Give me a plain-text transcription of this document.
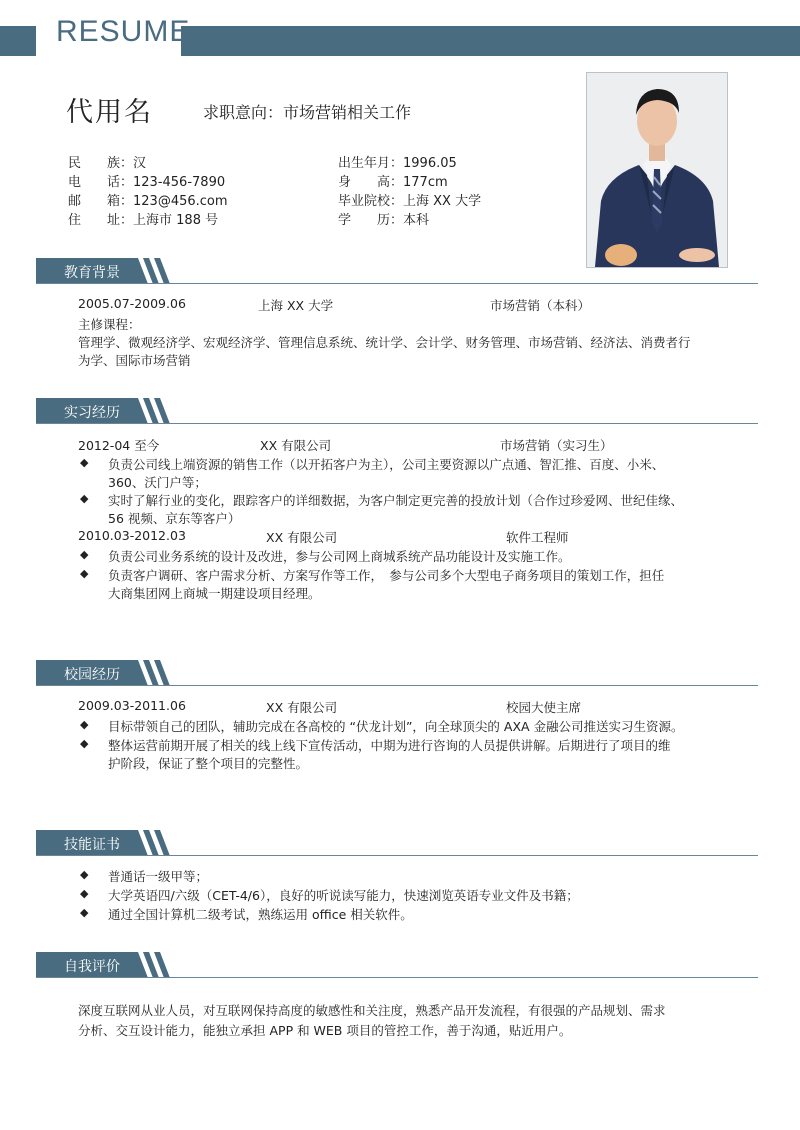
RESUME
代用名	求职意向：市场营销相关工作
民　　族：汉
电　　话：123-456-7890
邮　　箱：123@456.com
住　　址：上海市 188 号
出生年月：1996.05
身　　高：177cm
毕业院校：上海 XX 大学
学　　历：本科
教育背景
2005.07-2009.06	上海 XX 大学	市场营销（本科）
主修课程：
管理学、微观经济学、宏观经济学、管理信息系统、统计学、会计学、财务管理、市场营销、经济法、消费者行
为学、国际市场营销
实习经历
2012-04 至今	XX 有限公司	市场营销（实习生）
◆ 负责公司线上端资源的销售工作（以开拓客户为主），公司主要资源以广点通、智汇推、百度、小米、
360、沃门户等；
◆ 实时了解行业的变化，跟踪客户的详细数据，为客户制定更完善的投放计划（合作过珍爱网、世纪佳缘、
56 视频、京东等客户）
2010.03-2012.03	XX 有限公司	软件工程师
◆ 负责公司业务系统的设计及改进，参与公司网上商城系统产品功能设计及实施工作。
◆ 负责客户调研、客户需求分析、方案写作等工作，　参与公司多个大型电子商务项目的策划工作，担任
大商集团网上商城一期建设项目经理。
校园经历
2009.03-2011.06	XX 有限公司	校园大使主席
◆ 目标带领自己的团队，辅助完成在各高校的 “伏龙计划”，向全球顶尖的 AXA 金融公司推送实习生资源。
◆ 整体运营前期开展了相关的线上线下宣传活动，中期为进行咨询的人员提供讲解。后期进行了项目的维
护阶段，保证了整个项目的完整性。
技能证书
◆ 普通话一级甲等；
◆ 大学英语四/六级（CET-4/6），良好的听说读写能力，快速浏览英语专业文件及书籍；
◆ 通过全国计算机二级考试，熟练运用 office 相关软件。
自我评价
深度互联网从业人员，对互联网保持高度的敏感性和关注度，熟悉产品开发流程，有很强的产品规划、需求
分析、交互设计能力，能独立承担 APP 和 WEB 项目的管控工作，善于沟通，贴近用户。
